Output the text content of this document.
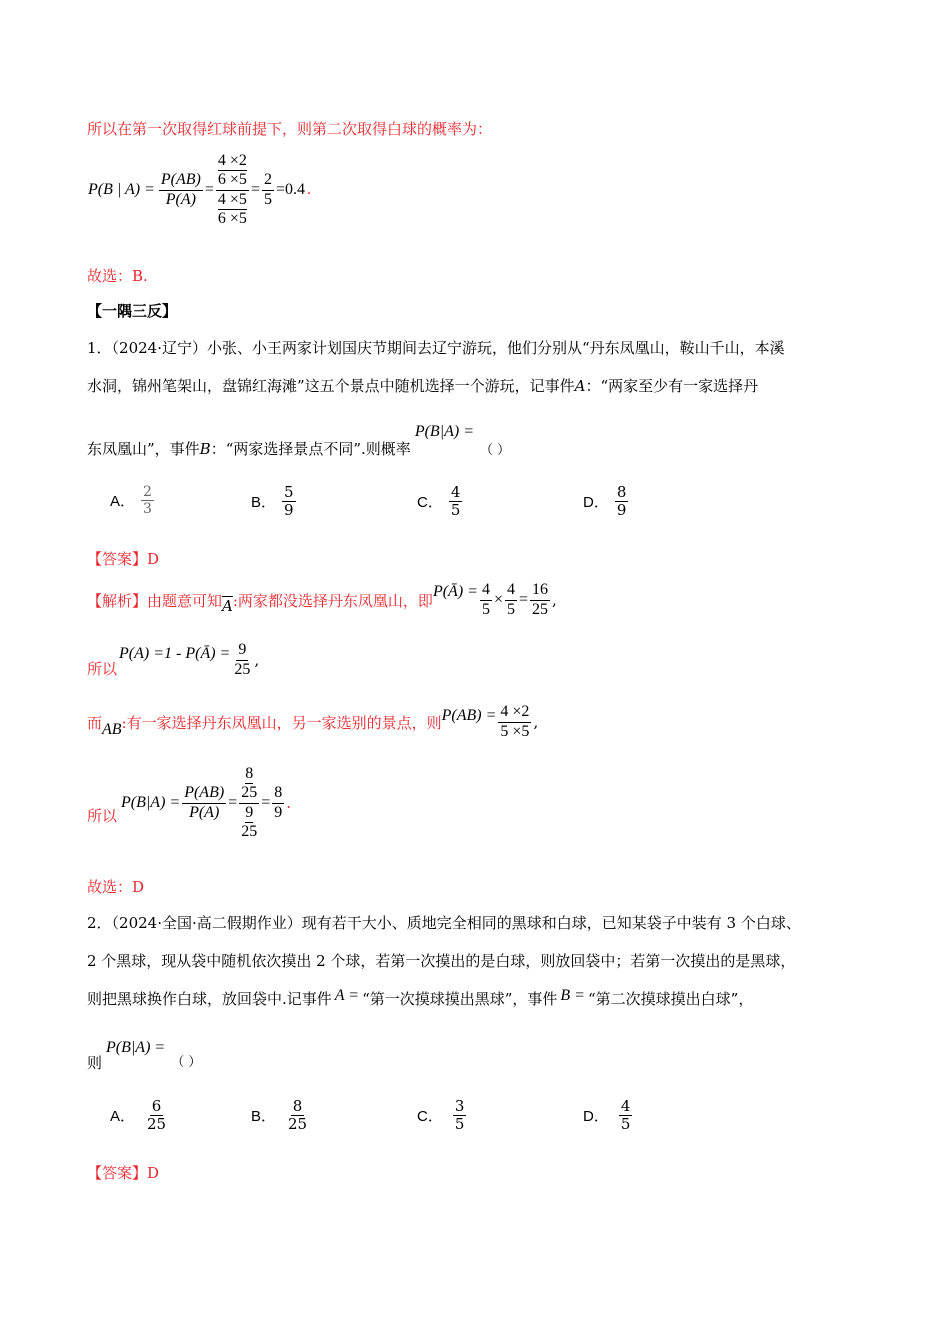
所以在第一次取得红球前提下，则第二次取得白球的概率为：
P(B | $A) = \frac{P(AB)}{P(A)} = 4 \times 2$
6 ×5
4 ×5
$6 \times 5 = \frac{2}{5} =0.4$ .
故选：B.
【一隅三反】
1．（2024·辽宁）小张、小王两家计划国庆节期间去辽宁游玩，他们分别从“丹东凤凰山，鞍山千山，本溪
水洞，锦州笔架山，盘锦红海滩”这五个景点中随机选择一个游玩，记事件A：“两家至少有一家选择丹
东凤凰山”，事件B：“两家选择景点不同”.则概率P(B|A) =（ ）
A． $\frac{2}{3}$	B． $\frac{5}{9}$	C． $\frac{4}{5}$	D． $\frac{8}{9}$
【答案】D
【解析】 由题意可知 $\overline{A}$ :两家都没选择丹东凤凰山，即 P(Ā) = $\frac{4}{5} \times \frac{4}{5} = \frac{16}{25}$ ,
所以
P(A) =1 - P(Ā) = $\frac{9}{25}$ ,
而 AB :有一家选择丹东凤凰山，另一家选别的景点，则 $P(AB) = \frac{4 \times 2}{5 \times 5}$ ,
所以
$P(B|A) = \frac{P(AB)}{P(A)} = 8$
25
9
$25 = \frac{8}{9}$ .
故选：D
2．（2024·全国·高二假期作业）现有若干大小、质地完全相同的黑球和白球，已知某袋子中装有 3 个白球、
2 个黑球，现从袋中随机依次摸出 2 个球，若第一次摸出的是白球，则放回袋中；若第一次摸出的是黑球，
则把黑球换作白球，放回袋中.记事件 A = “第一次摸球摸出黑球”，事件 B = “第二次摸球摸出白球”，
则P(B|A) =（ ）
A． $\frac{6}{25}$	B． $\frac{8}{25}$	C． $\frac{3}{5}$	D． $\frac{4}{5}$
【答案】D
